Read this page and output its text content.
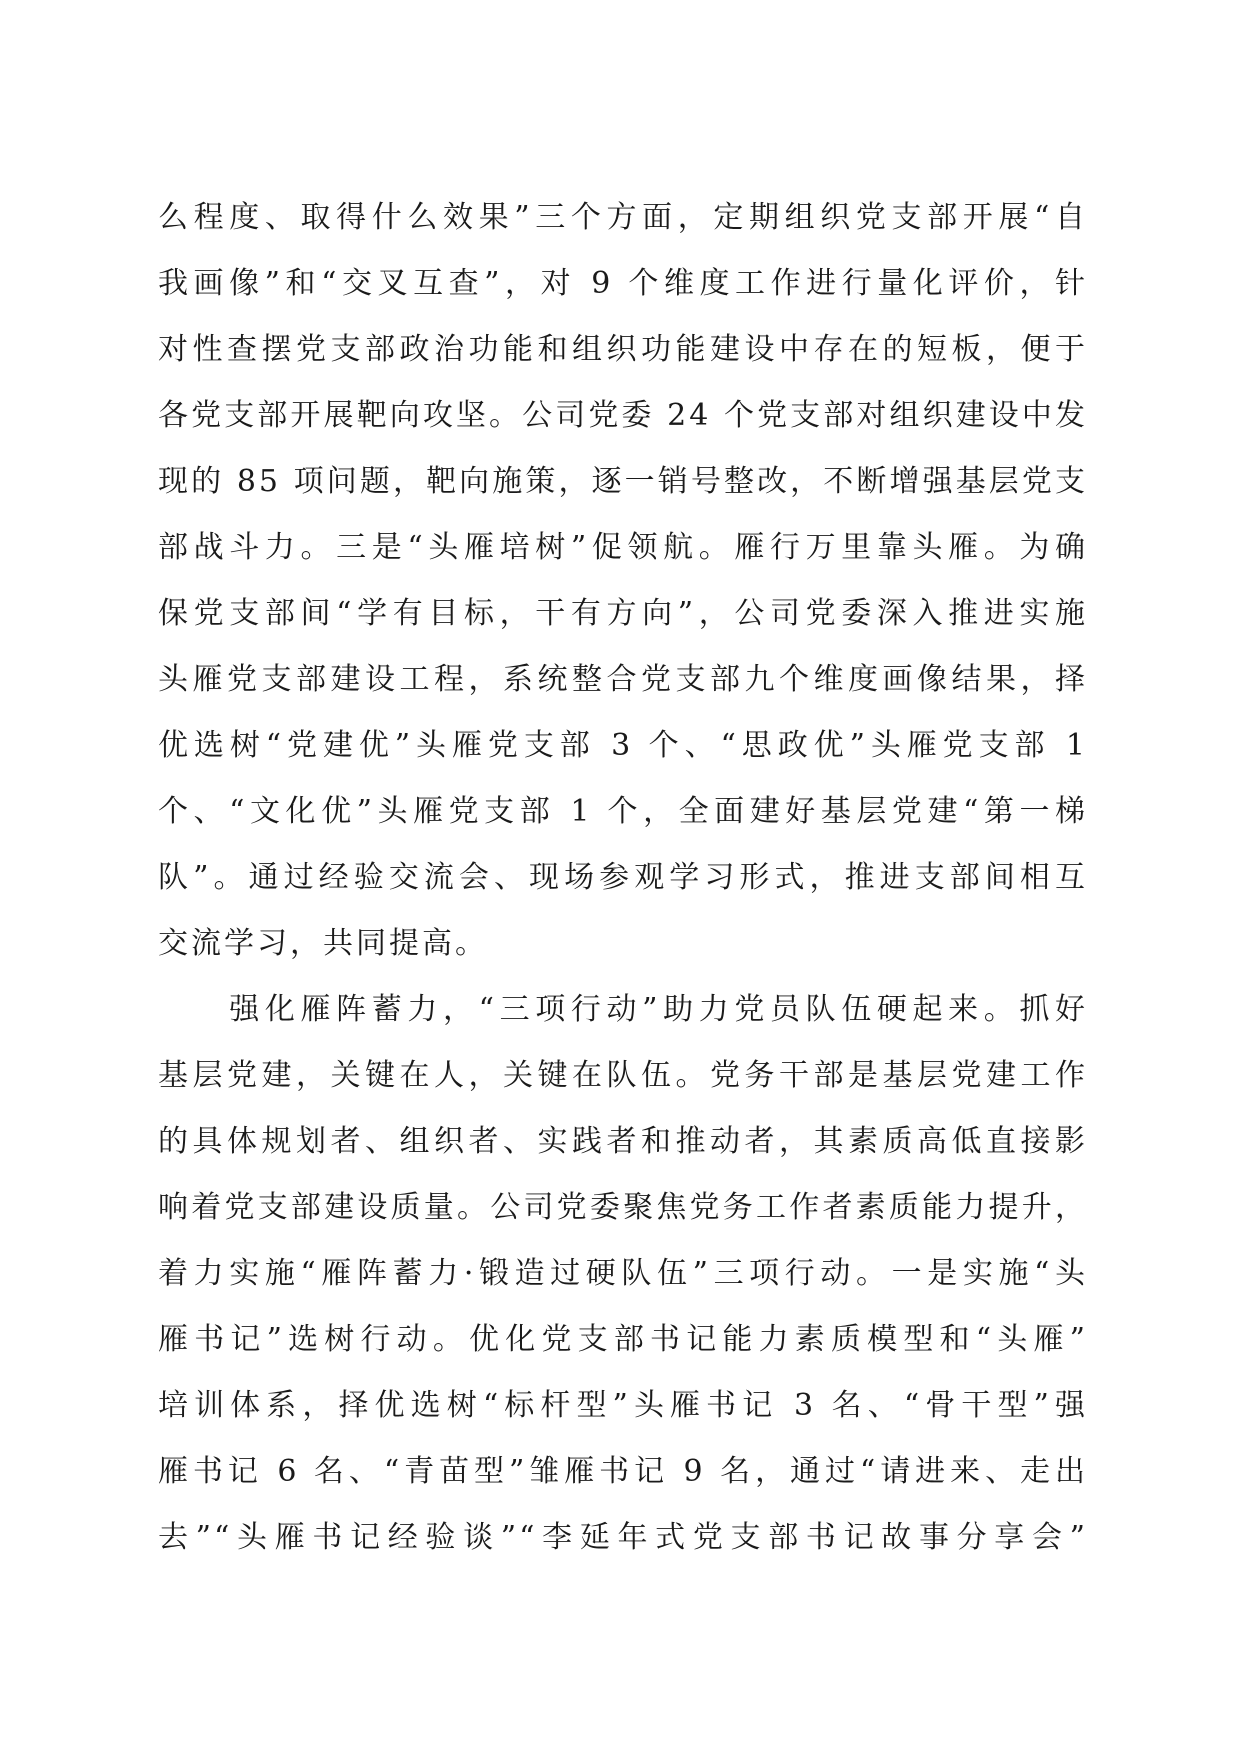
么程度、取得什么效果”三个方面，定期组织党支部开展“自
我画像”和“交叉互查”，对 9 个维度工作进行量化评价，针
对性查摆党支部政治功能和组织功能建设中存在的短板，便于
各党支部开展靶向攻坚。公司党委 24 个党支部对组织建设中发
现的 85 项问题，靶向施策，逐一销号整改，不断增强基层党支
部战斗力。三是“头雁培树”促领航。雁行万里靠头雁。为确
保党支部间“学有目标，干有方向”，公司党委深入推进实施
头雁党支部建设工程，系统整合党支部九个维度画像结果，择
优选树“党建优”头雁党支部 3 个、“思政优”头雁党支部 1
个、“文化优”头雁党支部 1 个，全面建好基层党建“第一梯
队”。通过经验交流会、现场参观学习形式，推进支部间相互
交流学习，共同提高。
　　强化雁阵蓄力，“三项行动”助力党员队伍硬起来。抓好
基层党建，关键在人，关键在队伍。党务干部是基层党建工作
的具体规划者、组织者、实践者和推动者，其素质高低直接影
响着党支部建设质量。公司党委聚焦党务工作者素质能力提升，
着力实施“雁阵蓄力·锻造过硬队伍”三项行动。一是实施“头
雁书记”选树行动。优化党支部书记能力素质模型和“头雁”
培训体系，择优选树“标杆型”头雁书记 3 名、“骨干型”强
雁书记 6 名、“青苗型”雏雁书记 9 名，通过“请进来、走出
去”“头雁书记经验谈”“李延年式党支部书记故事分享会”
